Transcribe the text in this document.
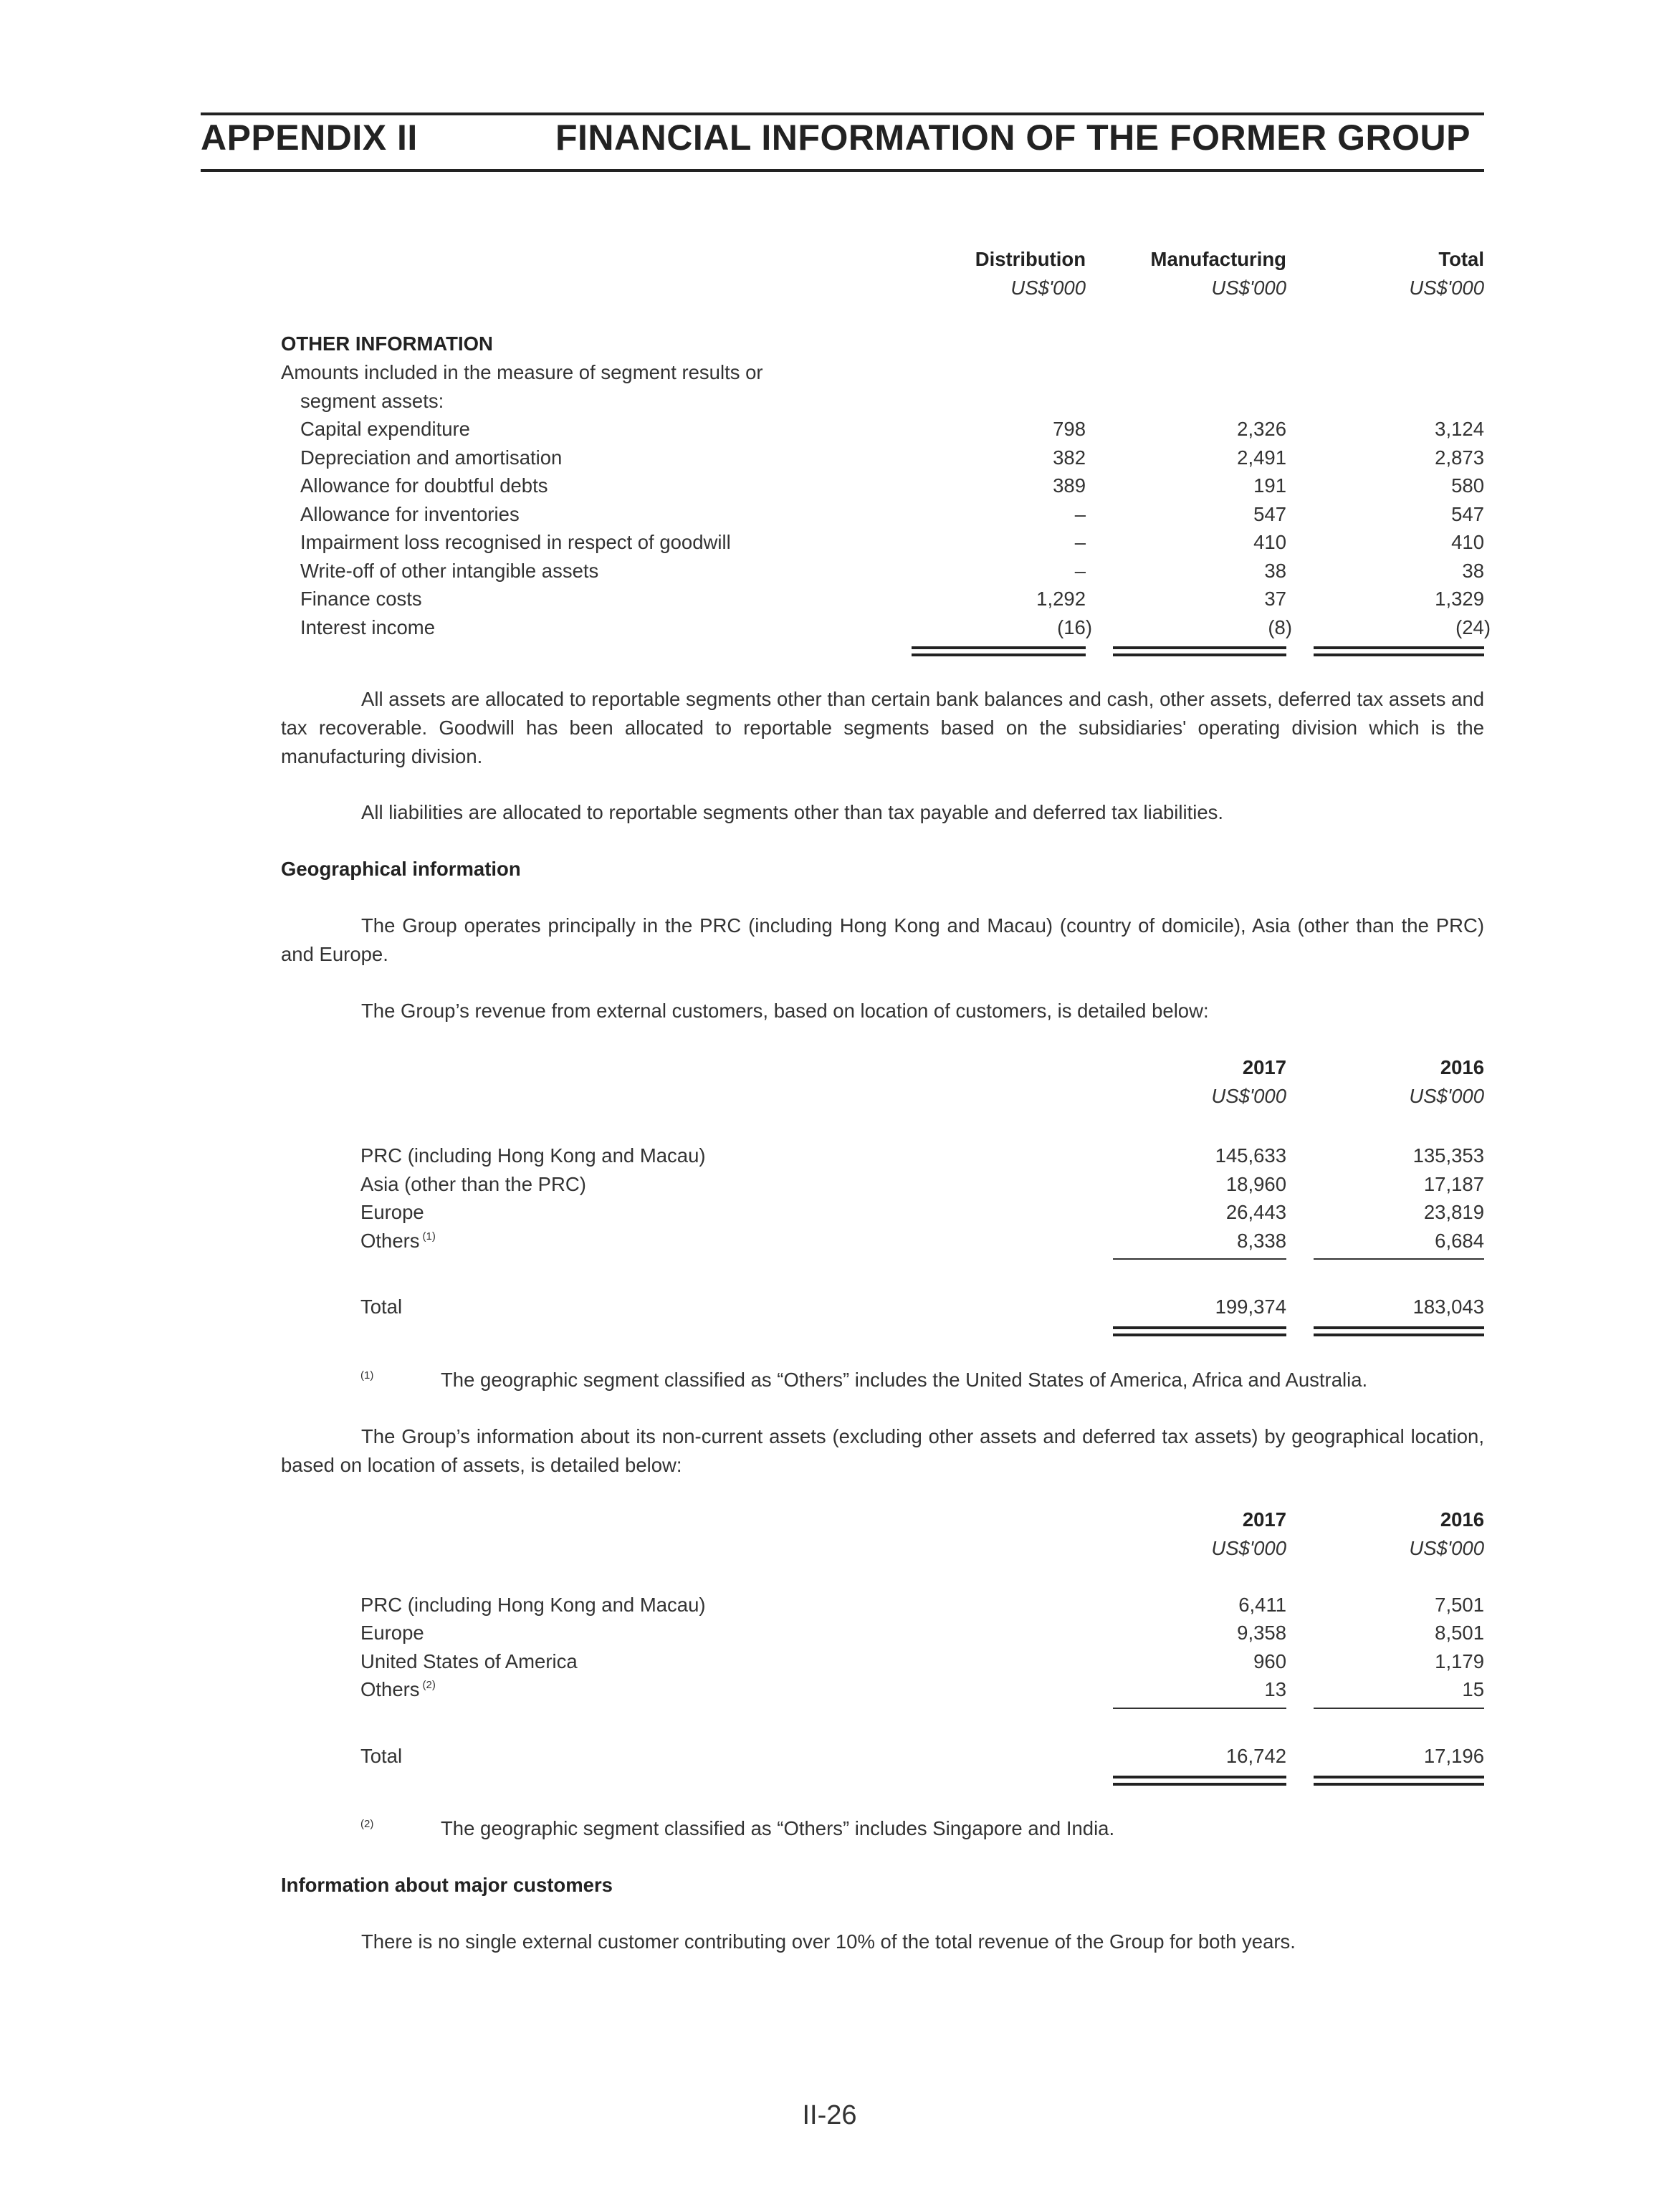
APPENDIX II	FINANCIAL INFORMATION OF THE FORMER GROUP
Distribution	Manufacturing	Total
US$'000	US$'000	US$'000
OTHER INFORMATION
Amounts included in the measure of segment results or
segment assets:
Capital expenditure	798	2,326	3,124
Depreciation and amortisation	382	2,491	2,873
Allowance for doubtful debts	389	191	580
Allowance for inventories	–	547	547
Impairment loss recognised in respect of goodwill	–	410	410
Write-off of other intangible assets	–	38	38
Finance costs	1,292	37	1,329
Interest income	(16)	(8)	(24)
All assets are allocated to reportable segments other than certain bank balances and cash, other assets, deferred tax assets and tax recoverable. Goodwill has been allocated to reportable segments based on the subsidiaries' operating division which is the manufacturing division.
All liabilities are allocated to reportable segments other than tax payable and deferred tax liabilities.
Geographical information
The Group operates principally in the PRC (including Hong Kong and Macau) (country of domicile), Asia (other than the PRC) and Europe.
The Group’s revenue from external customers, based on location of customers, is detailed below:
2017	2016
US$'000	US$'000
PRC (including Hong Kong and Macau)	145,633	135,353
Asia (other than the PRC)	18,960	17,187
Europe	26,443	23,819
Others $^{(1)}$	8,338	6,684
Total	199,374	183,043
$^{(1)}$	The geographic segment classified as “Others” includes the United States of America, Africa and Australia.
The Group’s information about its non-current assets (excluding other assets and deferred tax assets) by geographical location, based on location of assets, is detailed below:
2017	2016
US$'000	US$'000
PRC (including Hong Kong and Macau)	6,411	7,501
Europe	9,358	8,501
United States of America	960	1,179
Others $^{(2)}$	13	15
Total	16,742	17,196
$^{(2)}$	The geographic segment classified as “Others” includes Singapore and India.
Information about major customers
There is no single external customer contributing over 10% of the total revenue of the Group for both years.
II-26
